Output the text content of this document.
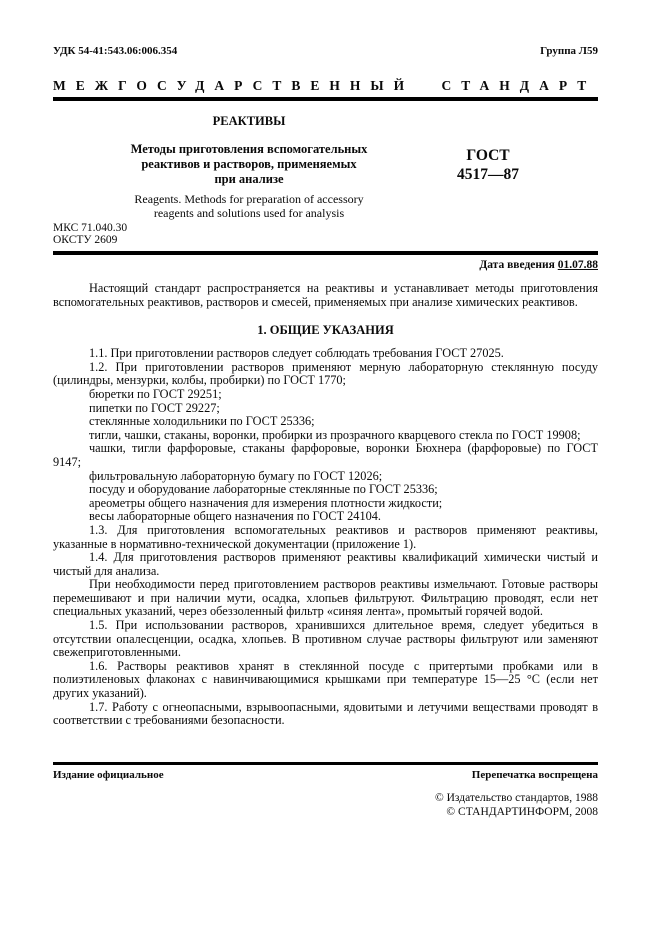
УДК 54-41:543.06:006.354	Группа Л59
МЕЖГОСУДАРСТВЕННЫЙ СТАНДАРТ
РЕАКТИВЫ
Методы приготовления вспомогательных
реактивов и растворов, применяемых
при анализе
Reagents. Methods for preparation of accessory
reagents and solutions used for analysis
ГОСТ
4517—87
МКС 71.040.30
ОКСТУ 2609
Дата введения 01.07.88

Настоящий стандарт распространяется на реактивы и устанавливает методы приготовления вспомогательных реактивов, растворов и смесей, применяемых при анализе химических реактивов.

1. ОБЩИЕ УКАЗАНИЯ

1.1. При приготовлении растворов следует соблюдать требования ГОСТ 27025.

1.2. При приготовлении растворов применяют мерную лабораторную стеклянную посуду (цилиндры, мензурки, колбы, пробирки) по ГОСТ 1770;

бюретки по ГОСТ 29251;

пипетки по ГОСТ 29227;

стеклянные холодильники по ГОСТ 25336;

тигли, чашки, стаканы, воронки, пробирки из прозрачного кварцевого стекла по ГОСТ 19908;

чашки, тигли фарфоровые, стаканы фарфоровые, воронки Бюхнера (фарфоровые) по ГОСТ 9147;

фильтровальную лабораторную бумагу по ГОСТ 12026;

посуду и оборудование лабораторные стеклянные по ГОСТ 25336;

ареометры общего назначения для измерения плотности жидкости;

весы лабораторные общего назначения по ГОСТ 24104.

1.3. Для приготовления вспомогательных реактивов и растворов применяют реактивы, указанные в нормативно-технической документации (приложение 1).

1.4. Для приготовления растворов применяют реактивы квалификаций химически чистый и чистый для анализа.

При необходимости перед приготовлением растворов реактивы измельчают. Готовые растворы перемешивают и при наличии мути, осадка, хлопьев фильтруют. Фильтрацию проводят, если нет специальных указаний, через обеззоленный фильтр «синяя лента», промытый горячей водой.

1.5. При использовании растворов, хранившихся длительное время, следует убедиться в отсутствии опалесценции, осадка, хлопьев. В противном случае растворы фильтруют или заменяют свежеприготовленными.

1.6. Растворы реактивов хранят в стеклянной посуде с притертыми пробками или в полиэтиленовых флаконах с навинчивающимися крышками при температуре 15—25 °С (если нет других указаний).

1.7. Работу с огнеопасными, взрывоопасными, ядовитыми и летучими веществами проводят в соответствии с требованиями безопасности.

Издание официальное	Перепечатка воспрещена
© Издательство стандартов, 1988
© СТАНДАРТИНФОРМ, 2008
